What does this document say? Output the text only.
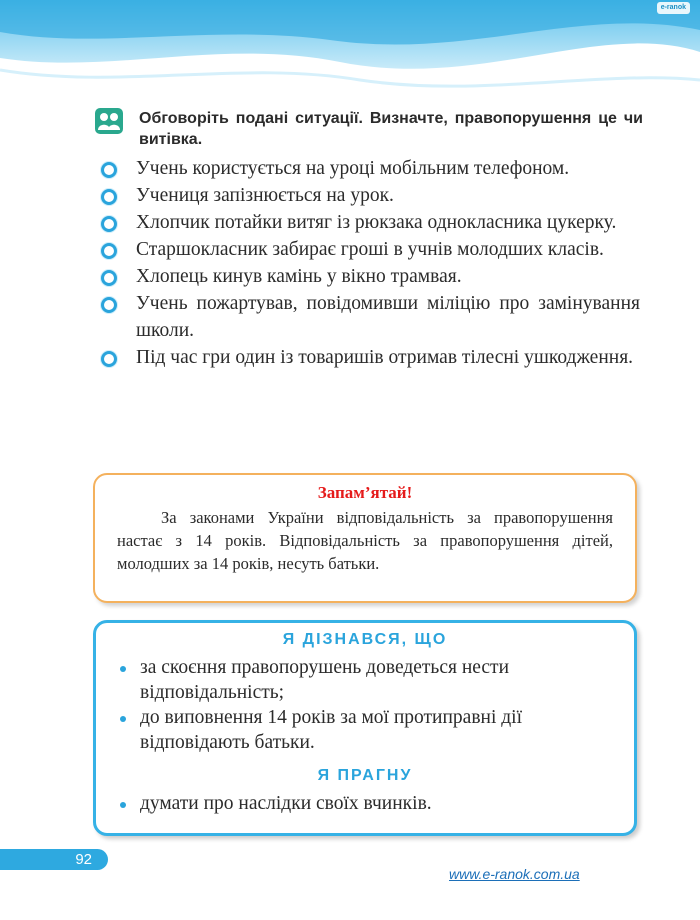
e-ranok
Обговоріть подані ситуації. Визначте, правопорушення це чи витівка.
Учень користується на уроці мобільним телефоном.
Учениця запізнюється на урок.
Хлопчик потайки витяг із рюкзака однокласника цукерку.
Старшокласник забирає гроші в учнів молодших класів.
Хлопець кинув камінь у вікно трамвая.
Учень пожартував, повідомивши міліцію про замінування школи.
Під час гри один із товаришів отримав тілесні ушкодження.
Запам’ятай!
За законами України відповідальність за правопорушення настає з 14 років. Відповідальність за правопорушення дітей, молодших за 14 років, несуть батьки.
Я ДІЗНАВСЯ, ЩО
за скоєння правопорушень доведеться нести відповідальність;
до виповнення 14 років за мої протиправні дії відповідають батьки.
Я ПРАГНУ
думати про наслідки своїх вчинків.
92
www.e-ranok.com.ua
